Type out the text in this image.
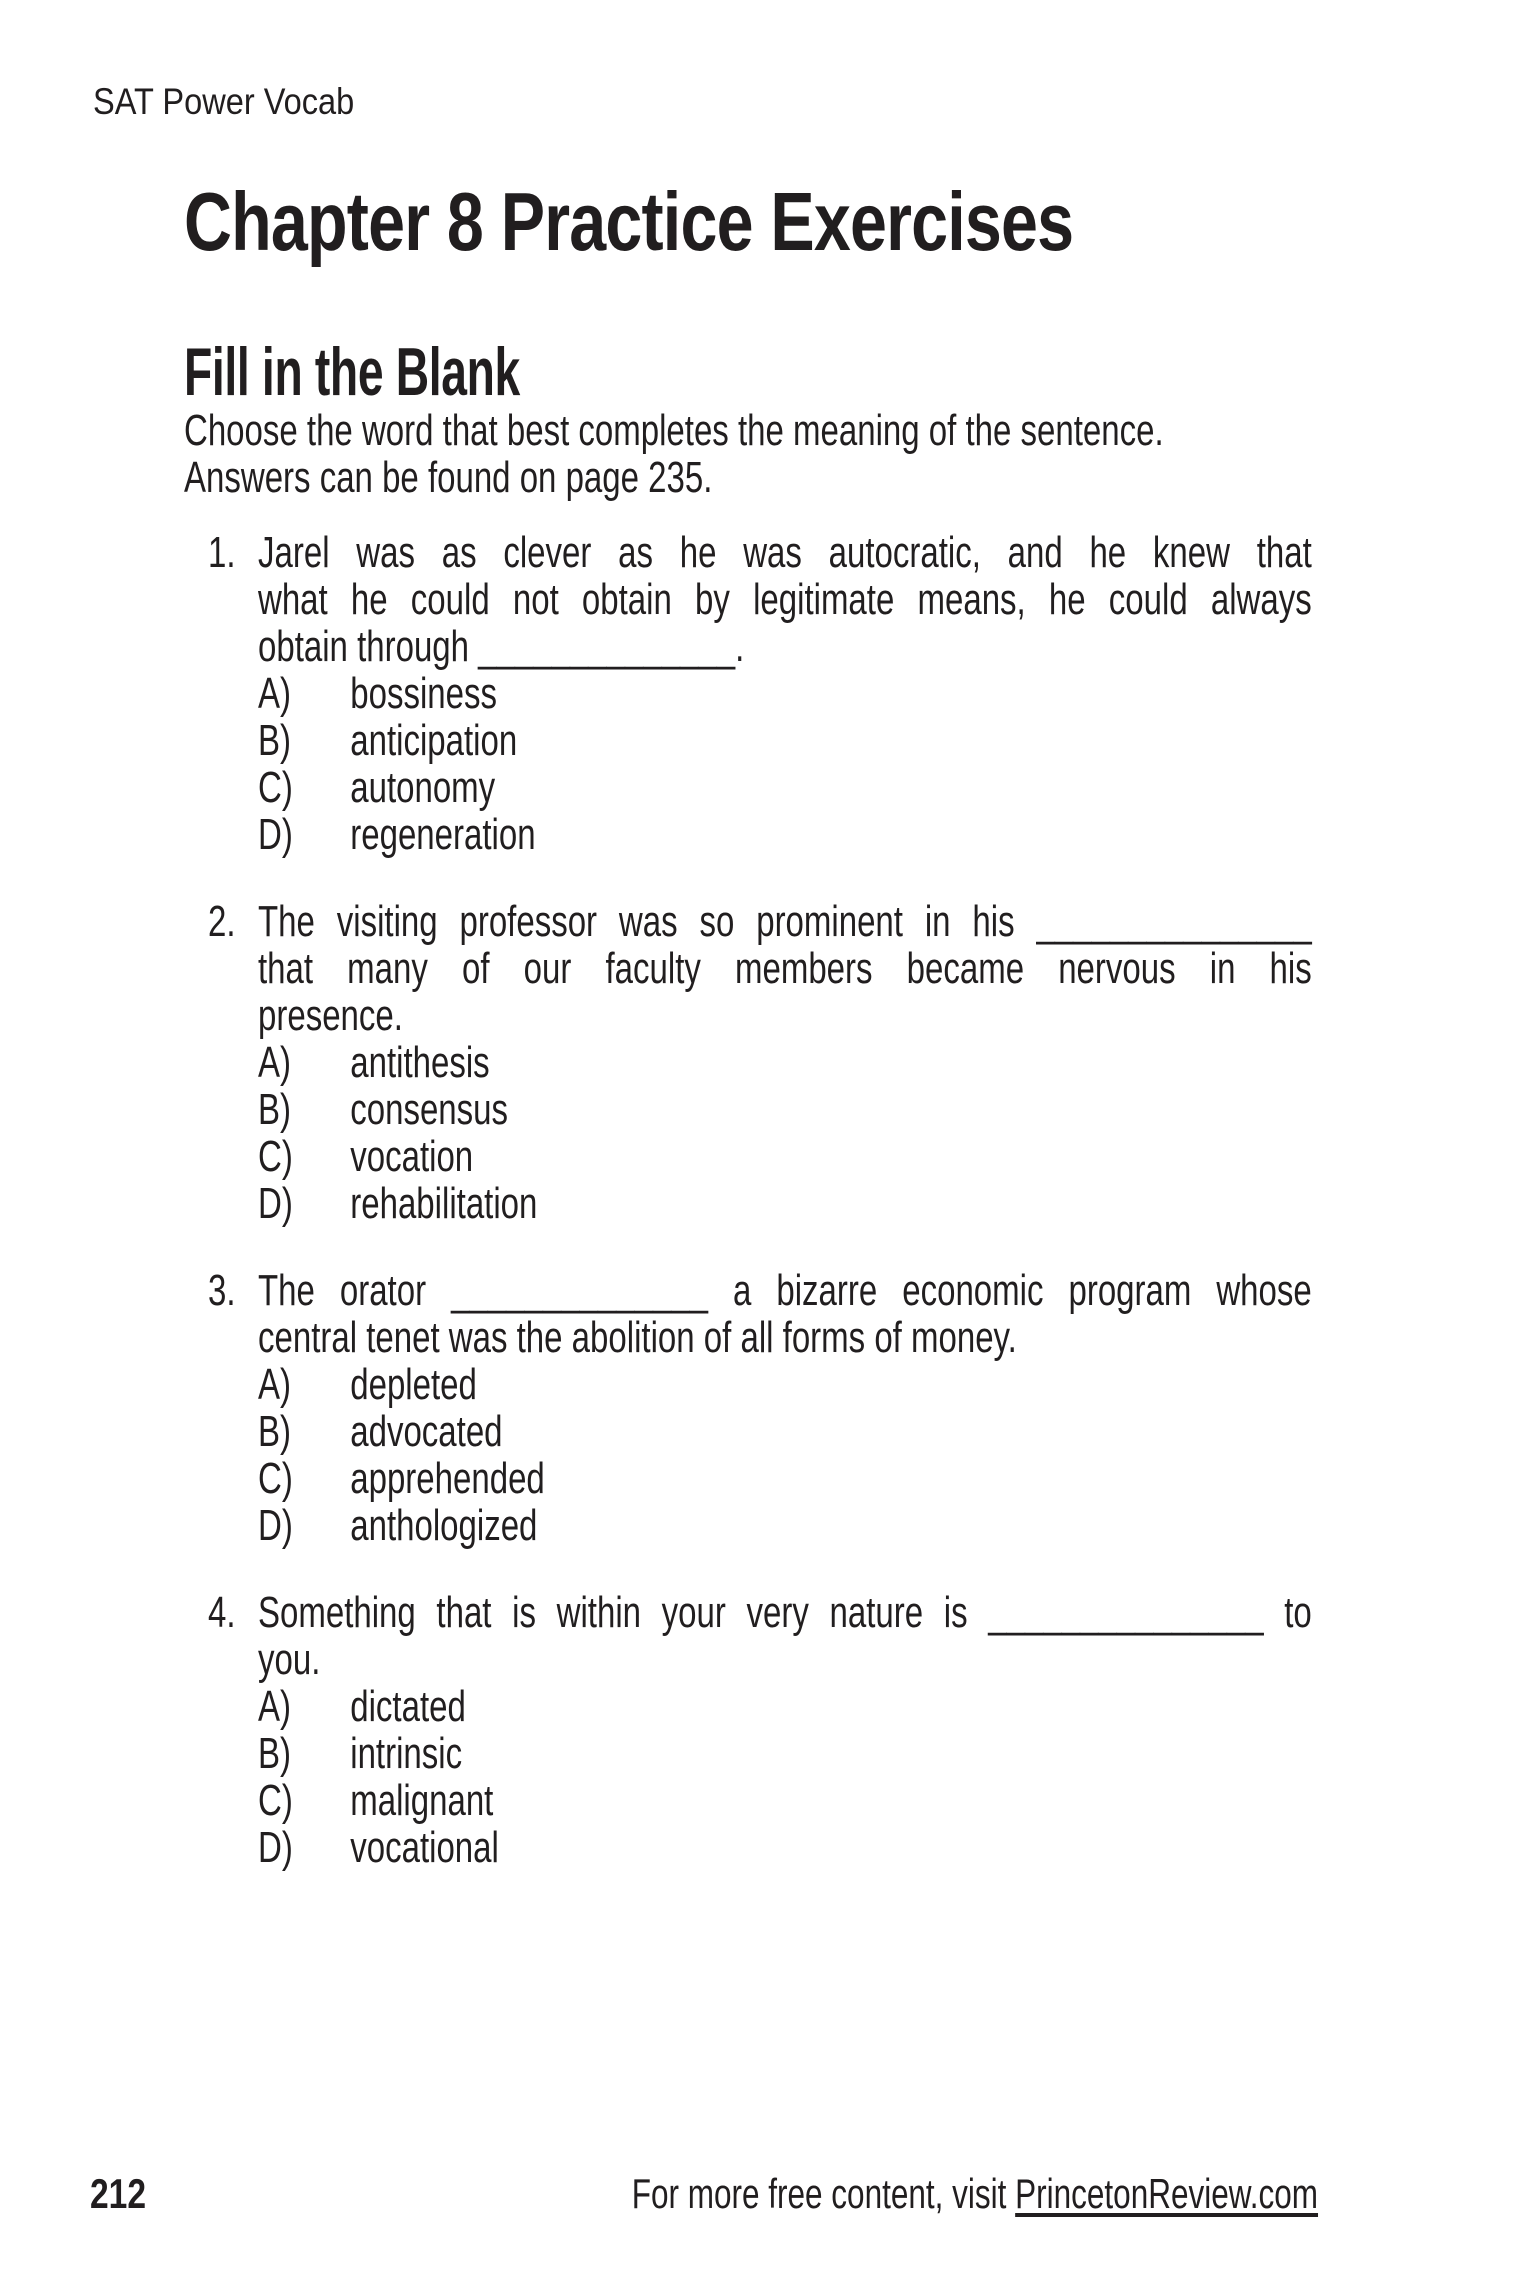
SAT Power Vocab
Chapter 8 Practice Exercises
Fill in the Blank
Choose the word that best completes the meaning of the sentence.
Answers can be found on page 235.
1. Jarel was as clever as he was autocratic, and he knew that
what he could not obtain by legitimate means, he could always
obtain through ______________.
A)	bossiness
B)	anticipation
C)	autonomy
D)	regeneration
2. The visiting professor was so prominent in his _______________
that many of our faculty members became nervous in his
presence.
A)	antithesis
B)	consensus
C)	vocation
D)	rehabilitation
3. The orator ______________ a bizarre economic program whose
central tenet was the abolition of all forms of money.
A)	depleted
B)	advocated
C)	apprehended
D)	anthologized
4. Something that is within your very nature is _______________ to
you.
A)	dictated
B)	intrinsic
C)	malignant
D)	vocational
212	For more free content, visit PrincetonReview.com
